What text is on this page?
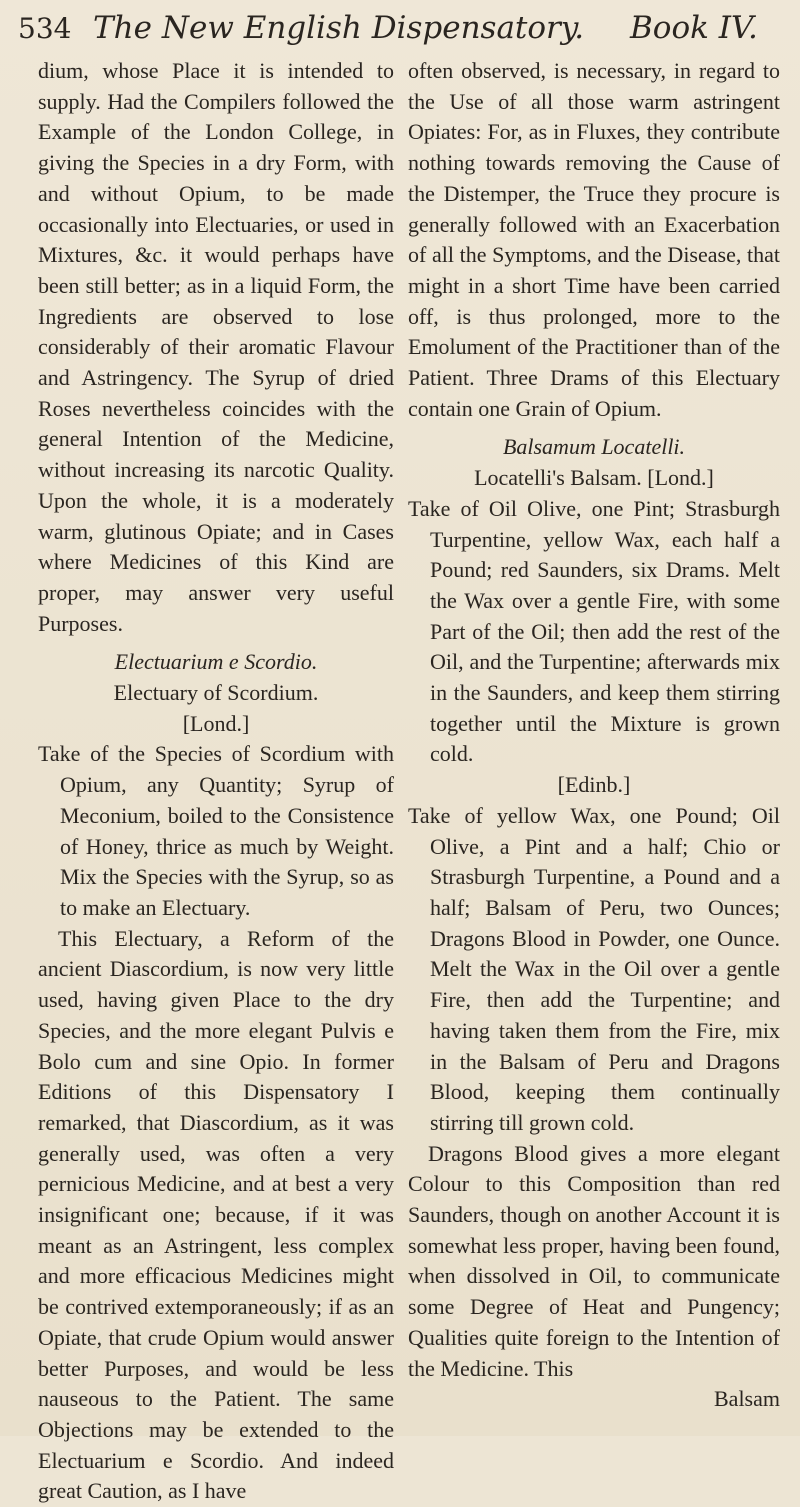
534 The New English Dispensatory. Book IV.

dium, whose Place it is intended to supply. Had the Compilers followed the Example of the London College, in giving the Species in a dry Form, with and without Opium, to be made occasionally into Electuaries, or used in Mixtures, &c. it would perhaps have been still better; as in a liquid Form, the Ingredients are observed to lose considerably of their aromatic Flavour and Astringency. The Syrup of dried Roses nevertheless coincides with the general Intention of the Medicine, without increasing its narcotic Quality. Upon the whole, it is a moderately warm, glutinous Opiate; and in Cases where Medicines of this Kind are proper, may answer very useful Purposes.

Electuarium e Scordio.

Electuary of Scordium.

[Lond.]

Take of the Species of Scordium with Opium, any Quantity; Syrup of Meconium, boiled to the Consistence of Honey, thrice as much by Weight. Mix the Species with the Syrup, so as to make an Electuary.

This Electuary, a Reform of the ancient Diascordium, is now very little used, having given Place to the dry Species, and the more elegant Pulvis e Bolo cum and sine Opio. In former Editions of this Dispensatory I remarked, that Diascordium, as it was generally used, was often a very pernicious Medicine, and at best a very insignificant one; because, if it was meant as an Astringent, less complex and more efficacious Medicines might be contrived extemporaneously; if as an Opiate, that crude Opium would answer better Purposes, and would be less nauseous to the Patient. The same Objections may be extended to the Electuarium e Scordio. And indeed great Caution, as I have

often observed, is necessary, in regard to the Use of all those warm astringent Opiates: For, as in Fluxes, they contribute nothing towards removing the Cause of the Distemper, the Truce they procure is generally followed with an Exacerbation of all the Symptoms, and the Disease, that might in a short Time have been carried off, is thus prolonged, more to the Emolument of the Practitioner than of the Patient. Three Drams of this Electuary contain one Grain of Opium.

Balsamum Locatelli.

Locatelli's Balsam. [Lond.]

Take of Oil Olive, one Pint; Strasburgh Turpentine, yellow Wax, each half a Pound; red Saunders, six Drams. Melt the Wax over a gentle Fire, with some Part of the Oil; then add the rest of the Oil, and the Turpentine; afterwards mix in the Saunders, and keep them stirring together until the Mixture is grown cold.

[Edinb.]

Take of yellow Wax, one Pound; Oil Olive, a Pint and a half; Chio or Strasburgh Turpentine, a Pound and a half; Balsam of Peru, two Ounces; Dragons Blood in Powder, one Ounce. Melt the Wax in the Oil over a gentle Fire, then add the Turpentine; and having taken them from the Fire, mix in the Balsam of Peru and Dragons Blood, keeping them continually stirring till grown cold.

Dragons Blood gives a more elegant Colour to this Composition than red Saunders, though on another Account it is somewhat less proper, having been found, when dissolved in Oil, to communicate some Degree of Heat and Pungency; Qualities quite foreign to the Intention of the Medicine. This

Balsam
